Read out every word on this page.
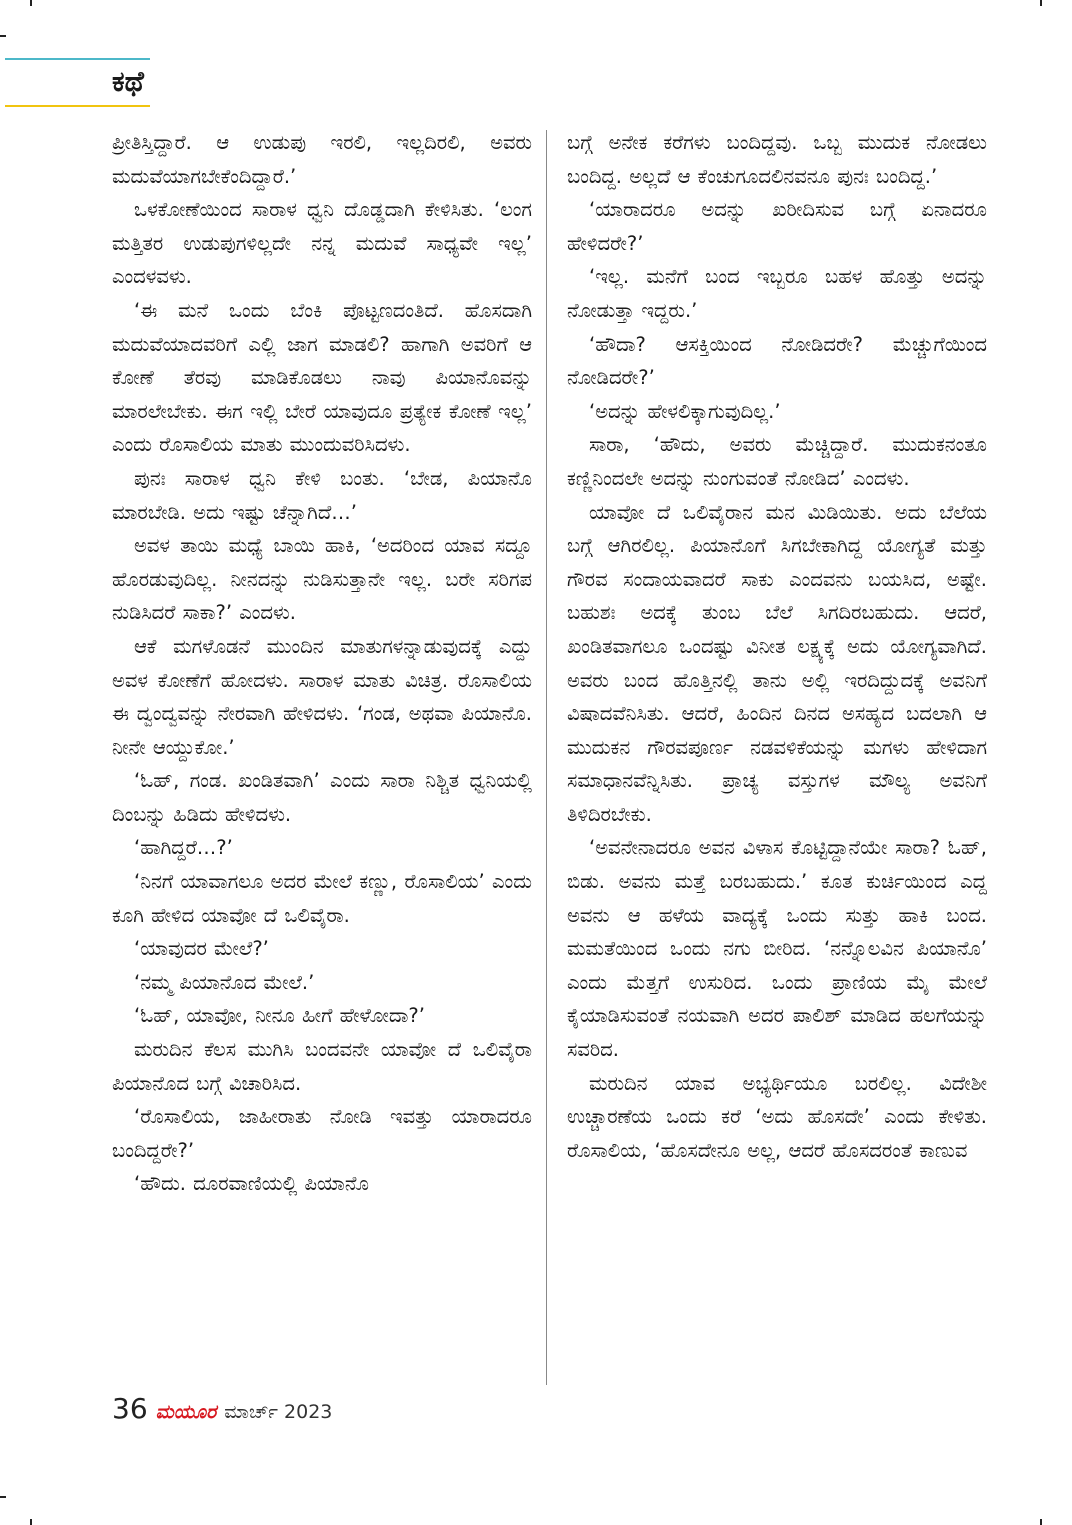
ಕಥೆ

ಪ್ರೀತಿಸ್ತಿದ್ದಾರೆ. ಆ ಉಡುಪು ಇರಲಿ, ಇಲ್ಲದಿರಲಿ, ಅವರು ಮದುವೆಯಾಗಬೇಕೆಂದಿದ್ದಾರೆ.’

ಒಳಕೋಣೆಯಿಂದ ಸಾರಾಳ ಧ್ವನಿ ದೊಡ್ಡದಾಗಿ ಕೇಳಿಸಿತು. ‘ಲಂಗ ಮತ್ತಿತರ ಉಡುಪುಗಳಿಲ್ಲದೇ ನನ್ನ ಮದುವೆ ಸಾಧ್ಯವೇ ಇಲ್ಲ’ ಎಂದಳವಳು.

‘ಈ ಮನೆ ಒಂದು ಬೆಂಕಿ ಪೊಟ್ಟಣದಂತಿದೆ. ಹೊಸದಾಗಿ ಮದುವೆಯಾದವರಿಗೆ ಎಲ್ಲಿ ಜಾಗ ಮಾಡಲಿ? ಹಾಗಾಗಿ ಅವರಿಗೆ ಆ ಕೋಣೆ ತೆರವು ಮಾಡಿಕೊಡಲು ನಾವು ಪಿಯಾನೊವನ್ನು ಮಾರಲೇಬೇಕು. ಈಗ ಇಲ್ಲಿ ಬೇರೆ ಯಾವುದೂ ಪ್ರತ್ಯೇಕ ಕೋಣೆ ಇಲ್ಲ’ ಎಂದು ರೊಸಾಲಿಯ ಮಾತು ಮುಂದುವರಿಸಿದಳು.

ಪುನಃ ಸಾರಾಳ ಧ್ವನಿ ಕೇಳಿ ಬಂತು. ‘ಬೇಡ, ಪಿಯಾನೊ ಮಾರಬೇಡಿ. ಅದು ಇಷ್ಟು ಚೆನ್ನಾಗಿದೆ…’

ಅವಳ ತಾಯಿ ಮಧ್ಯೆ ಬಾಯಿ ಹಾಕಿ, ‘ಅದರಿಂದ ಯಾವ ಸದ್ದೂ ಹೊರಡುವುದಿಲ್ಲ. ನೀನದನ್ನು ನುಡಿಸುತ್ತಾನೇ ಇಲ್ಲ. ಬರೇ ಸರಿಗಪ ನುಡಿಸಿದರೆ ಸಾಕಾ?’ ಎಂದಳು.

ಆಕೆ ಮಗಳೊಡನೆ ಮುಂದಿನ ಮಾತುಗಳನ್ನಾಡುವುದಕ್ಕೆ ಎದ್ದು ಅವಳ ಕೋಣೆಗೆ ಹೋದಳು. ಸಾರಾಳ ಮಾತು ವಿಚಿತ್ರ. ರೊಸಾಲಿಯ ಈ ದ್ವಂದ್ವವನ್ನು ನೇರವಾಗಿ ಹೇಳಿದಳು. ‘ಗಂಡ, ಅಥವಾ ಪಿಯಾನೊ. ನೀನೇ ಆಯ್ದುಕೋ.’

‘ಓಹ್, ಗಂಡ. ಖಂಡಿತವಾಗಿ’ ಎಂದು ಸಾರಾ ನಿಶ್ಚಿತ ಧ್ವನಿಯಲ್ಲಿ ದಿಂಬನ್ನು ಹಿಡಿದು ಹೇಳಿದಳು.

‘ಹಾಗಿದ್ದರೆ…?’

‘ನಿನಗೆ ಯಾವಾಗಲೂ ಅದರ ಮೇಲೆ ಕಣ್ಣು, ರೊಸಾಲಿಯ’ ಎಂದು ಕೂಗಿ ಹೇಳಿದ ಯಾವೋ ದೆ ಒಲಿವೈರಾ.

‘ಯಾವುದರ ಮೇಲೆ?’

‘ನಮ್ಮ ಪಿಯಾನೊದ ಮೇಲೆ.’

‘ಓಹ್, ಯಾವೋ, ನೀನೂ ಹೀಗೆ ಹೇಳೋದಾ?’

ಮರುದಿನ ಕೆಲಸ ಮುಗಿಸಿ ಬಂದವನೇ ಯಾವೋ ದೆ ಒಲಿವೈರಾ ಪಿಯಾನೊದ ಬಗ್ಗೆ ವಿಚಾರಿಸಿದ.

‘ರೊಸಾಲಿಯ, ಜಾಹೀರಾತು ನೋಡಿ ಇವತ್ತು ಯಾರಾದರೂ ಬಂದಿದ್ದರೇ?’

‘ಹೌದು. ದೂರವಾಣಿಯಲ್ಲಿ ಪಿಯಾನೊ

ಬಗ್ಗೆ ಅನೇಕ ಕರೆಗಳು ಬಂದಿದ್ದವು. ಒಬ್ಬ ಮುದುಕ ನೋಡಲು ಬಂದಿದ್ದ. ಅಲ್ಲದೆ ಆ ಕೆಂಚುಗೂದಲಿನವನೂ ಪುನಃ ಬಂದಿದ್ದ.’

‘ಯಾರಾದರೂ ಅದನ್ನು ಖರೀದಿಸುವ ಬಗ್ಗೆ ಏನಾದರೂ ಹೇಳಿದರೇ?’

‘ಇಲ್ಲ. ಮನೆಗೆ ಬಂದ ಇಬ್ಬರೂ ಬಹಳ ಹೊತ್ತು ಅದನ್ನು ನೋಡುತ್ತಾ ಇದ್ದರು.’

‘ಹೌದಾ? ಆಸಕ್ತಿಯಿಂದ ನೋಡಿದರೇ? ಮೆಚ್ಚುಗೆಯಿಂದ ನೋಡಿದರೇ?’

‘ಅದನ್ನು ಹೇಳಲಿಕ್ಕಾಗುವುದಿಲ್ಲ.’

ಸಾರಾ, ‘ಹೌದು, ಅವರು ಮೆಚ್ಚಿದ್ದಾರೆ. ಮುದುಕನಂತೂ ಕಣ್ಣಿನಿಂದಲೇ ಅದನ್ನು ನುಂಗುವಂತೆ ನೋಡಿದ’ ಎಂದಳು.

ಯಾವೋ ದೆ ಒಲಿವೈರಾನ ಮನ ಮಿಡಿಯಿತು. ಅದು ಬೆಲೆಯ ಬಗ್ಗೆ ಆಗಿರಲಿಲ್ಲ. ಪಿಯಾನೊಗೆ ಸಿಗಬೇಕಾಗಿದ್ದ ಯೋಗ್ಯತೆ ಮತ್ತು ಗೌರವ ಸಂದಾಯವಾದರೆ ಸಾಕು ಎಂದವನು ಬಯಸಿದ, ಅಷ್ಟೇ. ಬಹುಶಃ ಅದಕ್ಕೆ ತುಂಬ ಬೆಲೆ ಸಿಗದಿರಬಹುದು. ಆದರೆ, ಖಂಡಿತವಾಗಲೂ ಒಂದಷ್ಟು ವಿನೀತ ಲಕ್ಷ್ಯಕ್ಕೆ ಅದು ಯೋಗ್ಯವಾಗಿದೆ. ಅವರು ಬಂದ ಹೊತ್ತಿನಲ್ಲಿ ತಾನು ಅಲ್ಲಿ ಇರದಿದ್ದುದಕ್ಕೆ ಅವನಿಗೆ ವಿಷಾದವೆನಿಸಿತು. ಆದರೆ, ಹಿಂದಿನ ದಿನದ ಅಸಹ್ಯದ ಬದಲಾಗಿ ಆ ಮುದುಕನ ಗೌರವಪೂರ್ಣ ನಡವಳಿಕೆಯನ್ನು ಮಗಳು ಹೇಳಿದಾಗ ಸಮಾಧಾನವೆನ್ನಿಸಿತು. ಪ್ರಾಚ್ಯ ವಸ್ತುಗಳ ಮೌಲ್ಯ ಅವನಿಗೆ ತಿಳಿದಿರಬೇಕು.

‘ಅವನೇನಾದರೂ ಅವನ ವಿಳಾಸ ಕೊಟ್ಟಿದ್ದಾನೆಯೇ ಸಾರಾ? ಓಹ್, ಬಿಡು. ಅವನು ಮತ್ತೆ ಬರಬಹುದು.’ ಕೂತ ಕುರ್ಚಿಯಿಂದ ಎದ್ದ ಅವನು ಆ ಹಳೆಯ ವಾದ್ಯಕ್ಕೆ ಒಂದು ಸುತ್ತು ಹಾಕಿ ಬಂದ. ಮಮತೆಯಿಂದ ಒಂದು ನಗು ಬೀರಿದ. ‘ನನ್ನೊಲವಿನ ಪಿಯಾನೊ’ ಎಂದು ಮೆತ್ತಗೆ ಉಸುರಿದ. ಒಂದು ಪ್ರಾಣಿಯ ಮೈ ಮೇಲೆ ಕೈಯಾಡಿಸುವಂತೆ ನಯವಾಗಿ ಅದರ ಪಾಲಿಶ್ ಮಾಡಿದ ಹಲಗೆಯನ್ನು ಸವರಿದ.

ಮರುದಿನ ಯಾವ ಅಭ್ಯರ್ಥಿಯೂ ಬರಲಿಲ್ಲ. ವಿದೇಶೀ ಉಚ್ಚಾರಣೆಯ ಒಂದು ಕರೆ ‘ಅದು ಹೊಸದೇ’ ಎಂದು ಕೇಳಿತು. ರೊಸಾಲಿಯ, ‘ಹೊಸದೇನೂ ಅಲ್ಲ, ಆದರೆ ಹೊಸದರಂತೆ ಕಾಣುವ

36 ಮಯೂರ ಮಾರ್ಚ್ 2023
